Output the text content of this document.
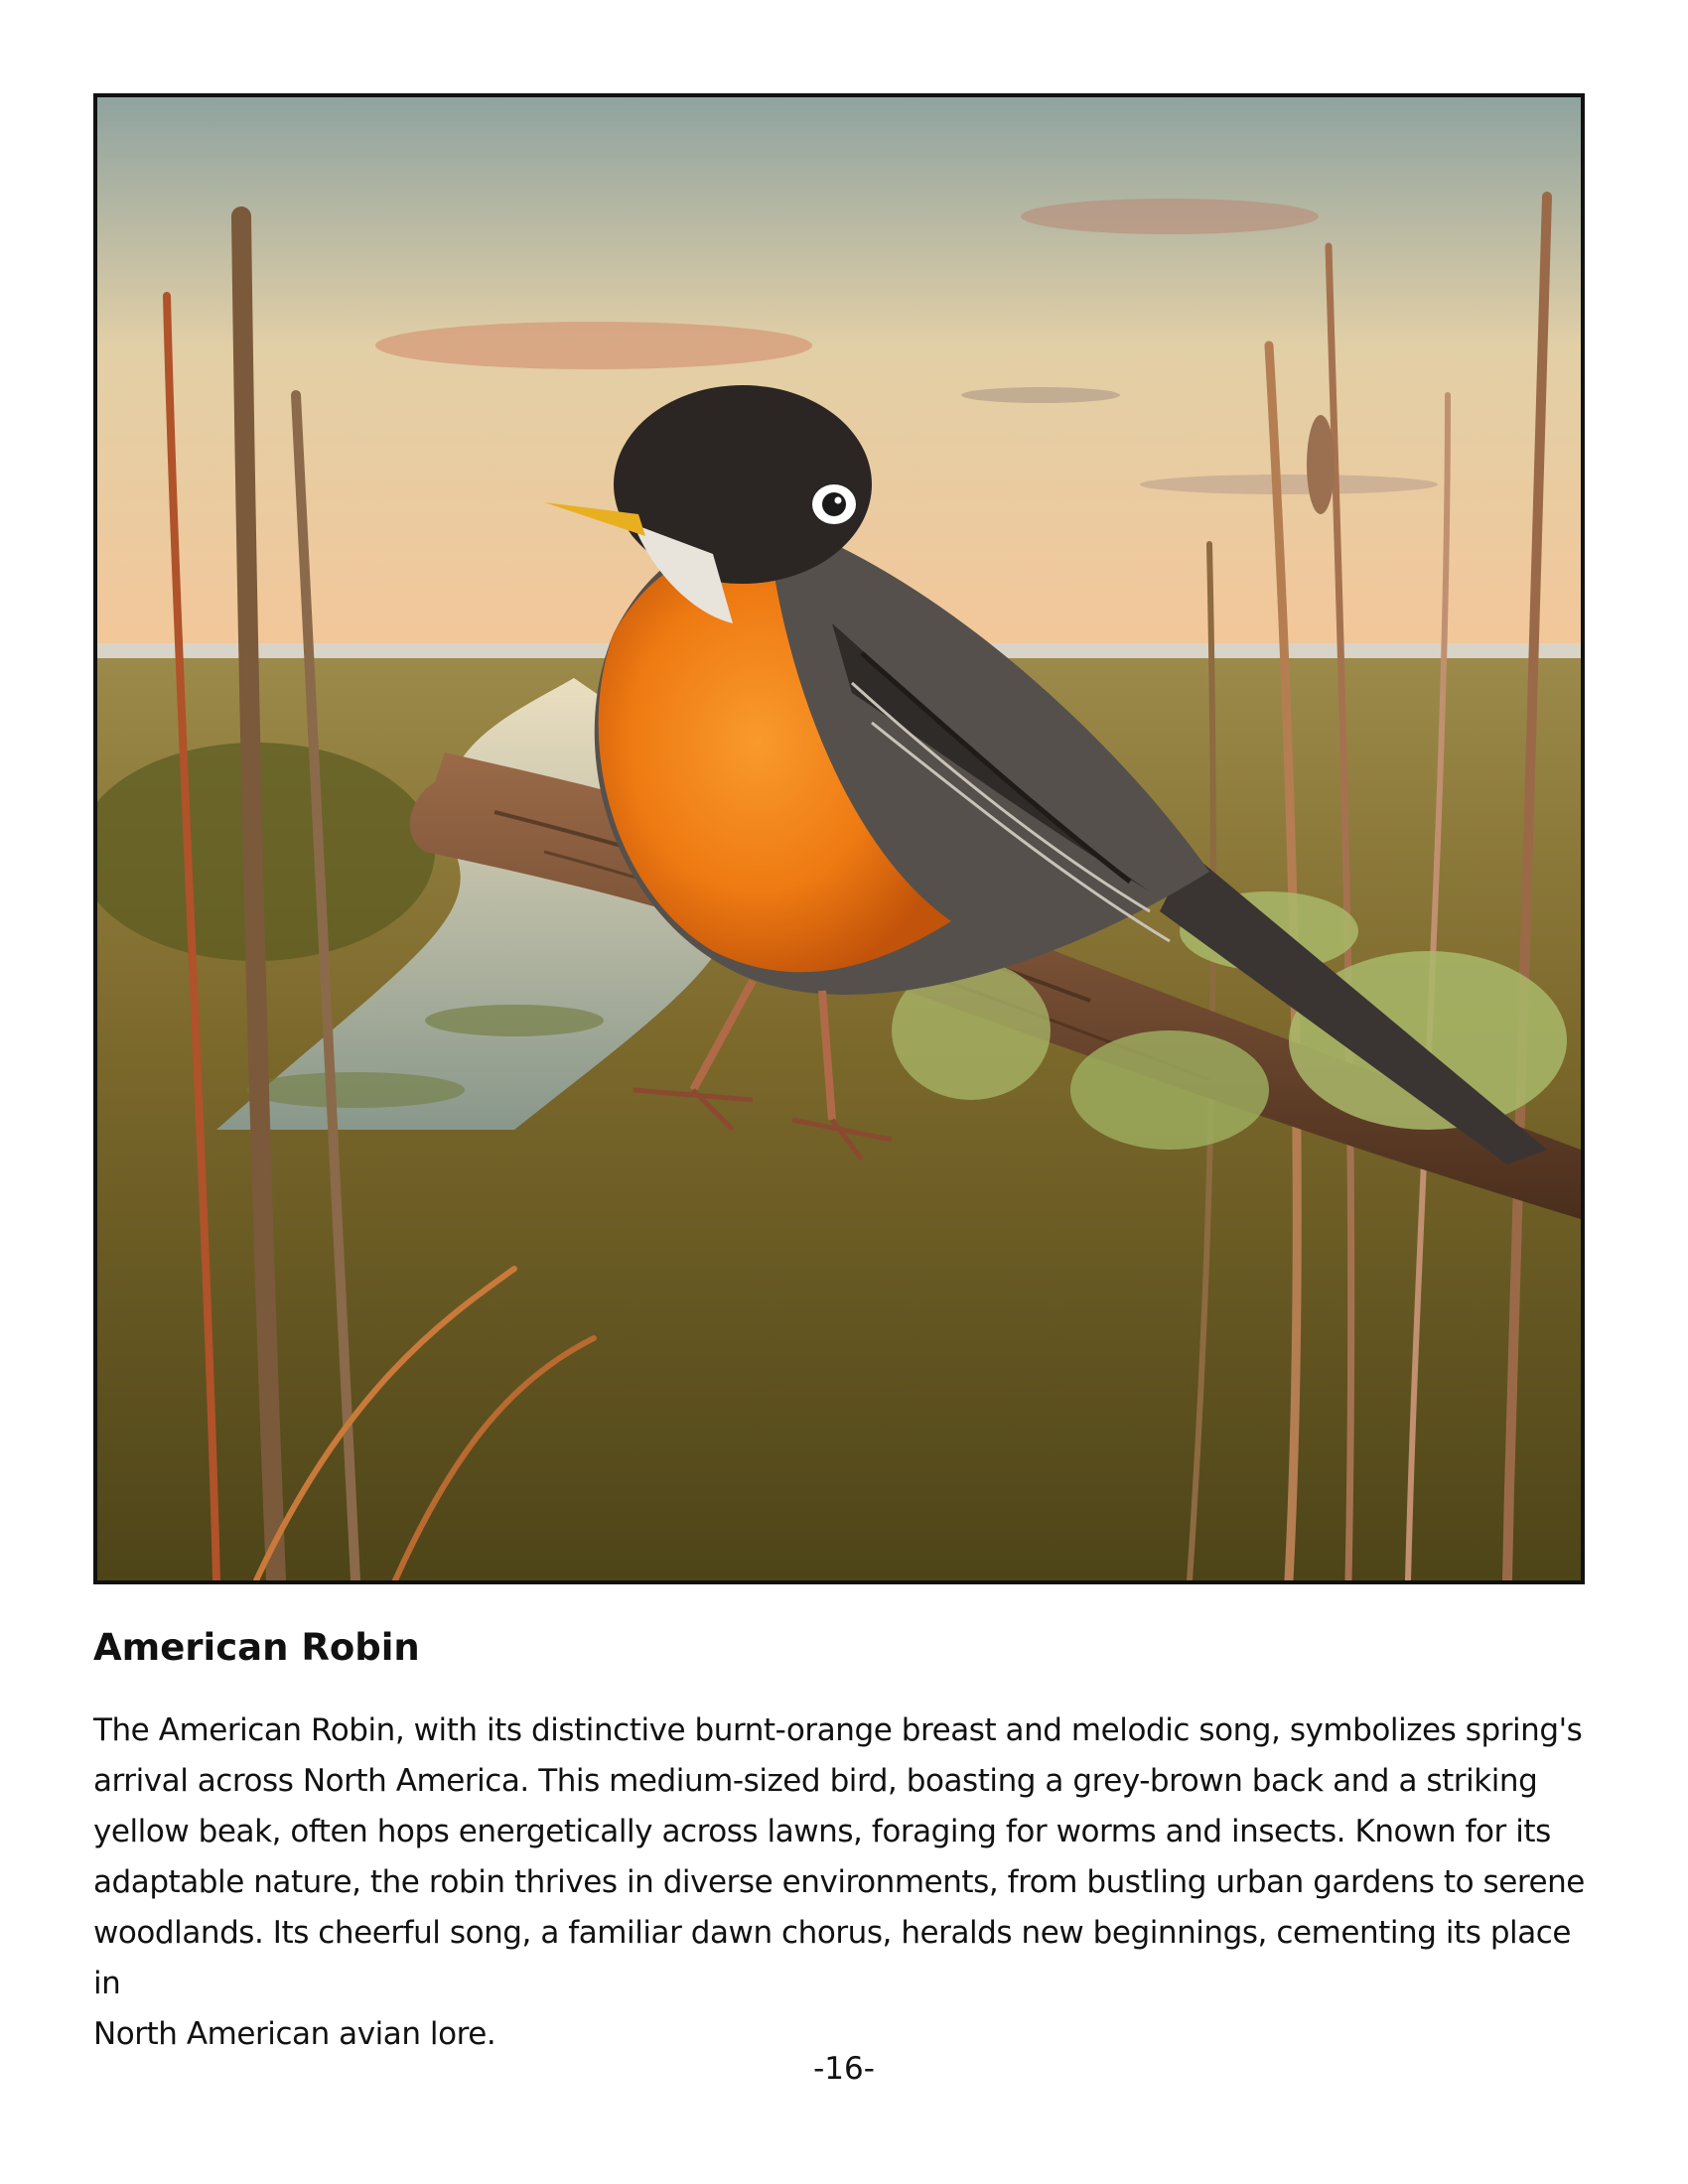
American Robin

The American Robin, with its distinctive burnt-orange breast and melodic song, symbolizes spring's
arrival across North America. This medium-sized bird, boasting a grey-brown back and a striking
yellow beak, often hops energetically across lawns, foraging for worms and insects. Known for its
adaptable nature, the robin thrives in diverse environments, from bustling urban gardens to serene
woodlands. Its cheerful song, a familiar dawn chorus, heralds new beginnings, cementing its place in
North American avian lore.

-16-
